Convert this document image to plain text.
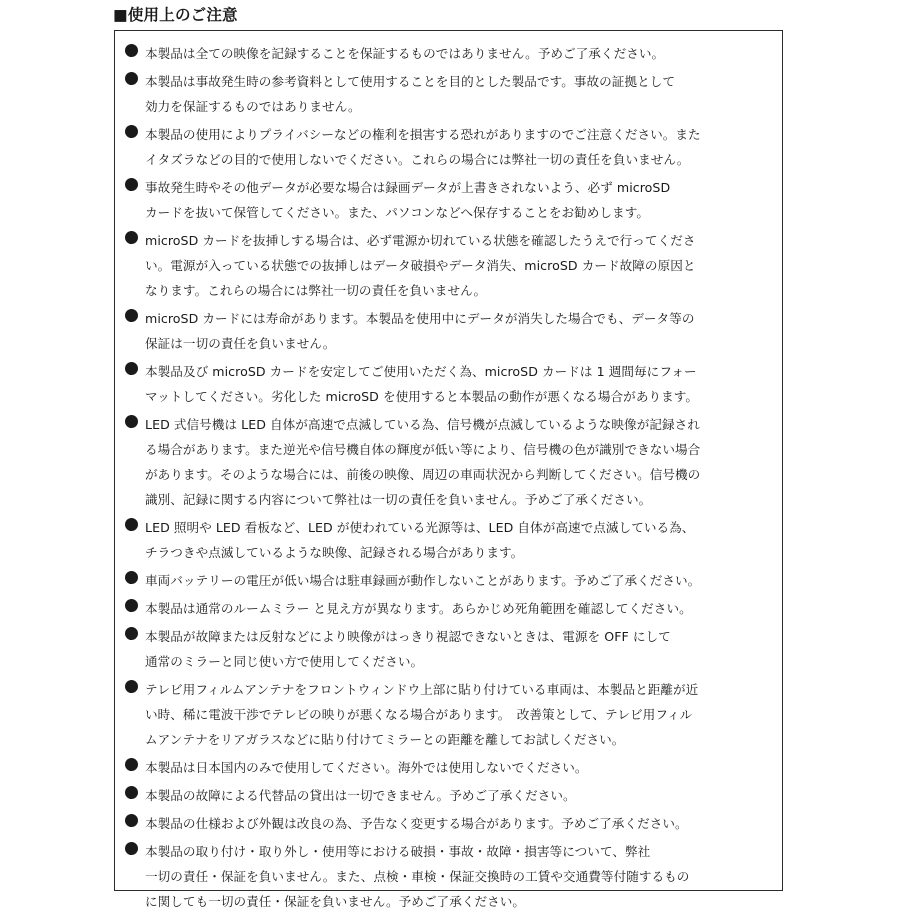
■使用上のご注意
本製品は全ての映像を記録することを保証するものではありません。予めご了承ください。
本製品は事故発生時の参考資料として使用することを目的とした製品です。事故の証拠として
効力を保証するものではありません。
本製品の使用によりプライバシーなどの権利を損害する恐れがありますのでご注意ください。また
イタズラなどの目的で使用しないでください。これらの場合には弊社一切の責任を負いません。
事故発生時やその他データが必要な場合は録画データが上書きされないよう、必ず microSD
カードを抜いて保管してください。また、パソコンなどへ保存することをお勧めします。
microSD カードを抜挿しする場合は、必ず電源か切れている状態を確認したうえで行ってくださ
い。電源が入っている状態での抜挿しはデータ破損やデータ消失、microSD カード故障の原因と
なります。これらの場合には弊社一切の責任を負いません。
microSD カードには寿命があります。本製品を使用中にデータが消失した場合でも、データ等の
保証は一切の責任を負いません。
本製品及び microSD カードを安定してご使用いただく為、microSD カードは 1 週間毎にフォー
マットしてください。劣化した microSD を使用すると本製品の動作が悪くなる場合があります。
LED 式信号機は LED 自体が高速で点滅している為、信号機が点滅しているような映像が記録され
る場合があります。また逆光や信号機自体の輝度が低い等により、信号機の色が識別できない場合
があります。そのような場合には、前後の映像、周辺の車両状況から判断してください。信号機の
識別、記録に関する内容について弊社は一切の責任を負いません。予めご了承ください。
LED 照明や LED 看板など、LED が使われている光源等は、LED 自体が高速で点滅している為、
チラつきや点滅しているような映像、記録される場合があります。
車両バッテリーの電圧が低い場合は駐車録画が動作しないことがあります。予めご了承ください。
本製品は通常のルームミラー と見え方が異なります。あらかじめ死角範囲を確認してください。
本製品が故障または反射などにより映像がはっきり視認できないときは、電源を OFF にして
通常のミラーと同じ使い方で使用してください。
テレビ用フィルムアンテナをフロントウィンドウ上部に貼り付けている車両は、本製品と距離が近
い時、稀に電波干渉でテレビの映りが悪くなる場合があります。　改善策として、テレビ用フィル
ムアンテナをリアガラスなどに貼り付けてミラーとの距離を離してお試しください。
本製品は日本国内のみで使用してください。海外では使用しないでください。
本製品の故障による代替品の貸出は一切できません。予めご了承ください。
本製品の仕様および外観は改良の為、予告なく変更する場合があります。予めご了承ください。
本製品の取り付け・取り外し・使用等における破損・事故・故障・損害等について、弊社
一切の責任・保証を負いません。また、点検・車検・保証交換時の工賃や交通費等付随するもの
に関しても一切の責任・保証を負いません。予めご了承ください。
